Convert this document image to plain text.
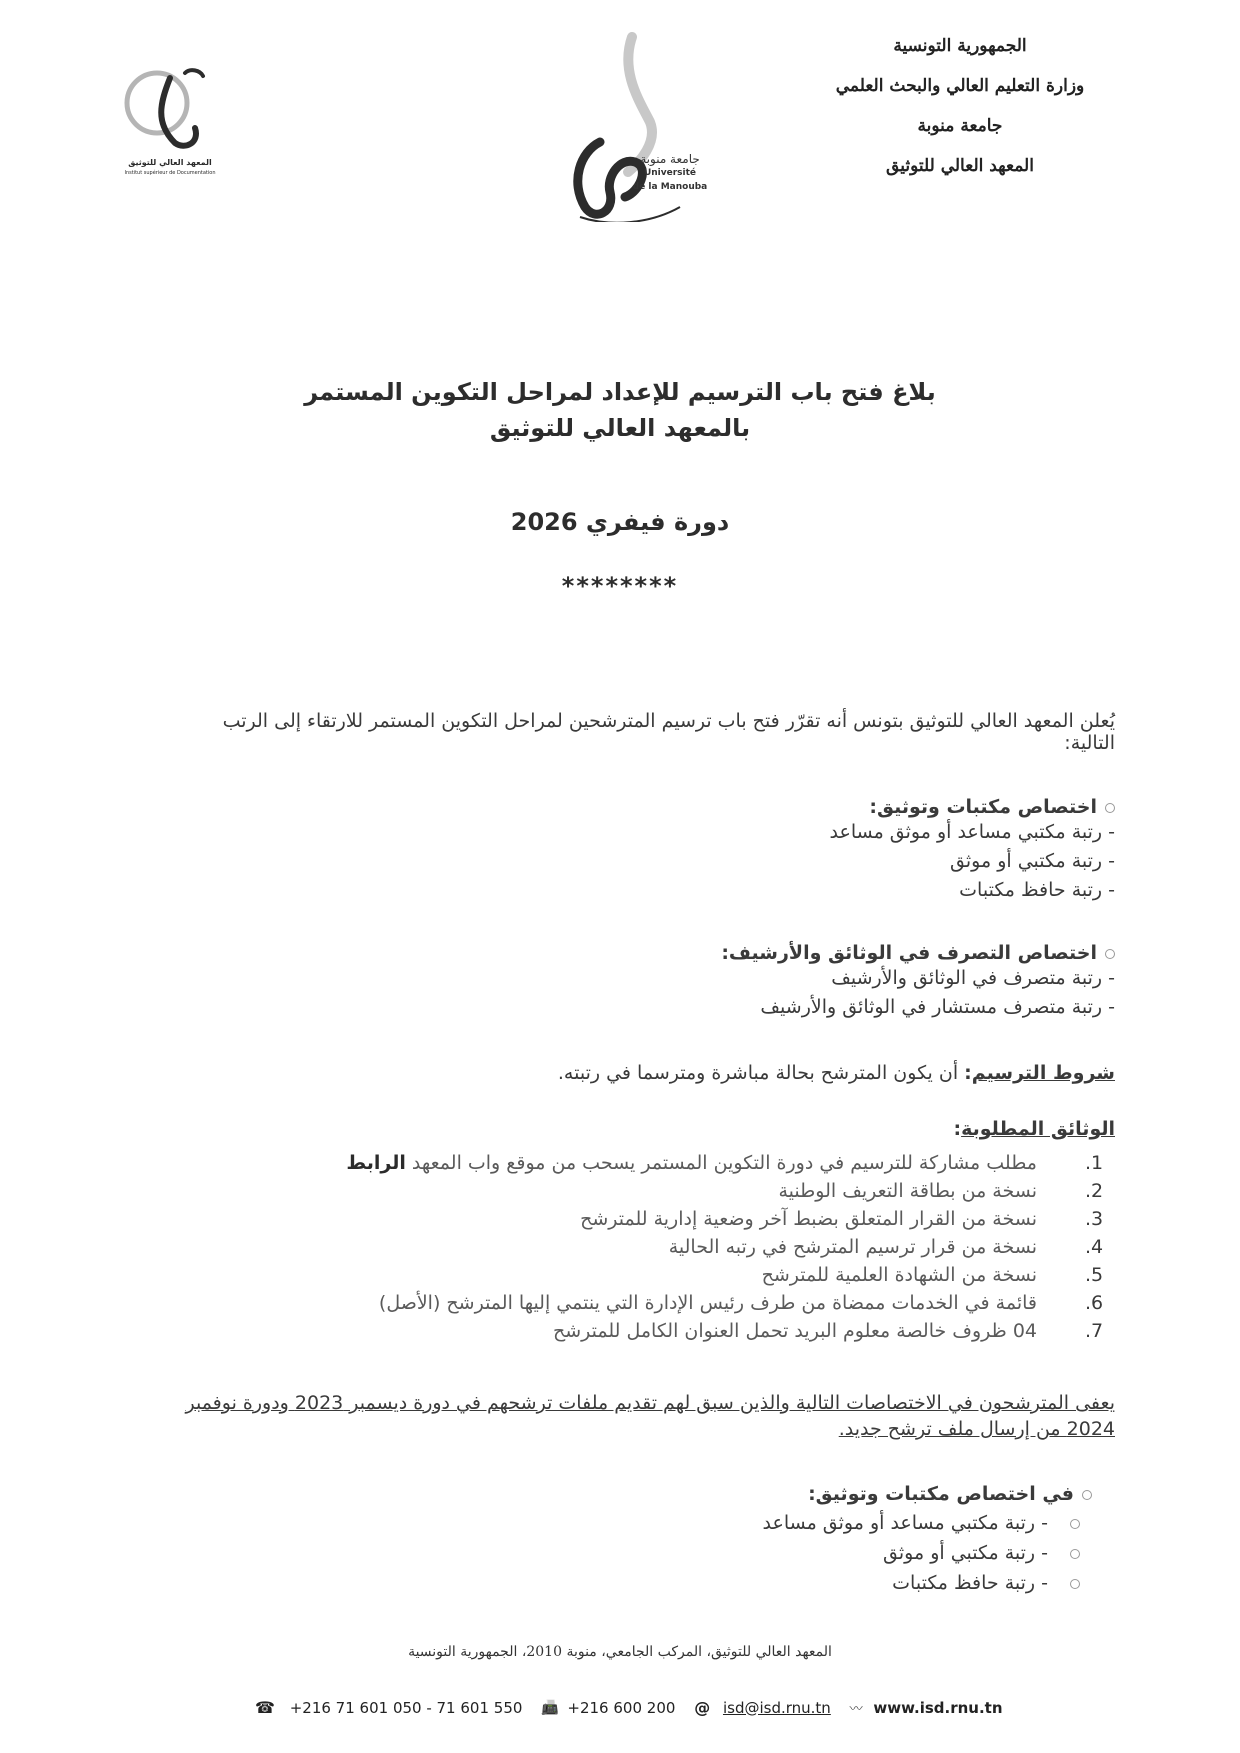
الجمهورية التونسية
وزارة التعليم العالي والبحث العلمي
جامعة منوبة
المعهد العالي للتوثيق
جامعة منوبة
Université
de la Manouba
المعهد العالي للتوثيق
Institut supérieur de Documentation
بلاغ فتح باب الترسيم للإعداد لمراحل التكوين المستمر
بالمعهد العالي للتوثيق
دورة فيفري 2026
********
يُعلن المعهد العالي للتوثيق بتونس أنه تقرّر فتح باب ترسيم المترشحين لمراحل التكوين المستمر للارتقاء إلى الرتب
التالية:
اختصاص مكتبات وتوثيق:
- رتبة مكتبي مساعد أو موثق مساعد
- رتبة مكتبي أو موثق
- رتبة حافظ مكتبات
اختصاص التصرف في الوثائق والأرشيف:
- رتبة متصرف في الوثائق والأرشيف
- رتبة متصرف مستشار في الوثائق والأرشيف
شروط الترسيم: أن يكون المترشح بحالة مباشرة ومترسما في رتبته.
الوثائق المطلوبة:
1.
مطلب مشاركة للترسيم في دورة التكوين المستمر يسحب من موقع واب المعهد الرابط
2.
نسخة من بطاقة التعريف الوطنية
3.
نسخة من القرار المتعلق بضبط آخر وضعية إدارية للمترشح
4.
نسخة من قرار ترسيم المترشح في رتبه الحالية
5.
نسخة من الشهادة العلمية للمترشح
6.
قائمة في الخدمات ممضاة من طرف رئيس الإدارة التي ينتمي إليها المترشح (الأصل)
7.
04 ظروف خالصة معلوم البريد تحمل العنوان الكامل للمترشح
يعفى المترشحون في الاختصاصات التالية والذين سبق لهم تقديم ملفات ترشحهم في دورة ديسمبر 2023 ودورة نوفمبر
2024 من إرسال ملف ترشح جديد.
في اختصاص مكتبات وتوثيق:
- رتبة مكتبي مساعد أو موثق مساعد
- رتبة مكتبي أو موثق
- رتبة حافظ مكتبات
المعهد العالي للتوثيق، المركب الجامعي، منوبة 2010، الجمهورية التونسية
☎ +216 71 601 050 - 71 601 550 📠 +216 600 200 @ isd@isd.rnu.tn 〰 www.isd.rnu.tn
